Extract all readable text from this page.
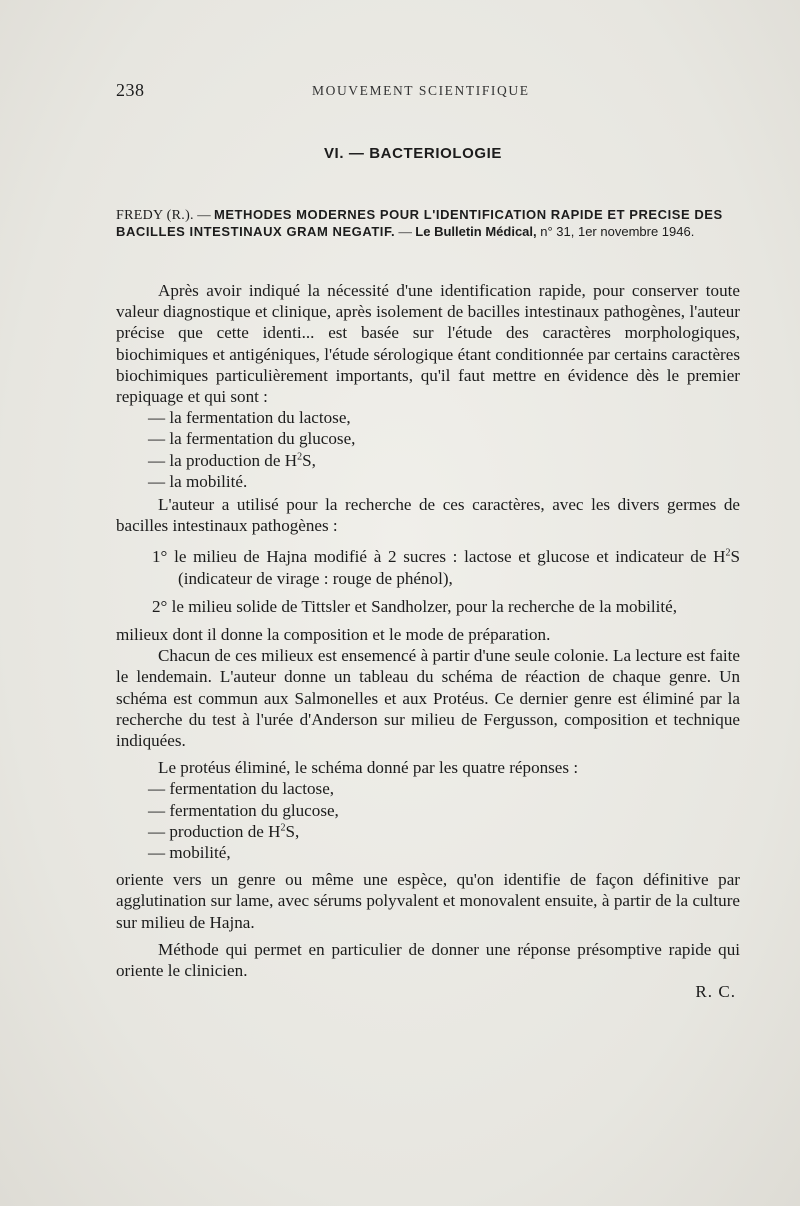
238	MOUVEMENT SCIENTIFIQUE
VI. — BACTERIOLOGIE
FREDY (R.). — METHODES MODERNES POUR L'IDENTIFICATION RAPIDE ET PRECISE DES BACILLES INTESTINAUX GRAM NEGATIF. — Le Bulletin Médical, n° 31, 1er novembre 1946.

Après avoir indiqué la nécessité d'une identification rapide, pour conserver toute valeur diagnostique et clinique, après isolement de bacilles intestinaux pathogènes, l'auteur précise que cette identi... est basée sur l'étude des caractères morphologiques, biochimiques et antigéniques, l'étude sérologique étant conditionnée par certains caractères biochimiques particulièrement importants, qu'il faut mettre en évidence dès le premier repiquage et qui sont :

— la fermentation du lactose,
— la fermentation du glucose,
— la production de $H^2S$,
— la mobilité.

L'auteur a utilisé pour la recherche de ces caractères, avec les divers germes de bacilles intestinaux pathogènes :

1° le milieu de Hajna modifié à 2 sucres : lactose et glucose et indicateur de $H^2S$ (indicateur de virage : rouge de phénol),
2° le milieu solide de Tittsler et Sandholzer, pour la recherche de la mobilité,

milieux dont il donne la composition et le mode de préparation.

Chacun de ces milieux est ensemencé à partir d'une seule colonie. La lecture est faite le lendemain. L'auteur donne un tableau du schéma de réaction de chaque genre. Un schéma est commun aux Salmonelles et aux Protéus. Ce dernier genre est éliminé par la recherche du test à l'urée d'Anderson sur milieu de Fergusson, composition et technique indiquées.

Le protéus éliminé, le schéma donné par les quatre réponses :

— fermentation du lactose,
— fermentation du glucose,
— production de $H^2S$,
— mobilité,

oriente vers un genre ou même une espèce, qu'on identifie de façon définitive par agglutination sur lame, avec sérums polyvalent et monovalent ensuite, à partir de la culture sur milieu de Hajna.

Méthode qui permet en particulier de donner une réponse présomptive rapide qui oriente le clinicien.

R. C.
